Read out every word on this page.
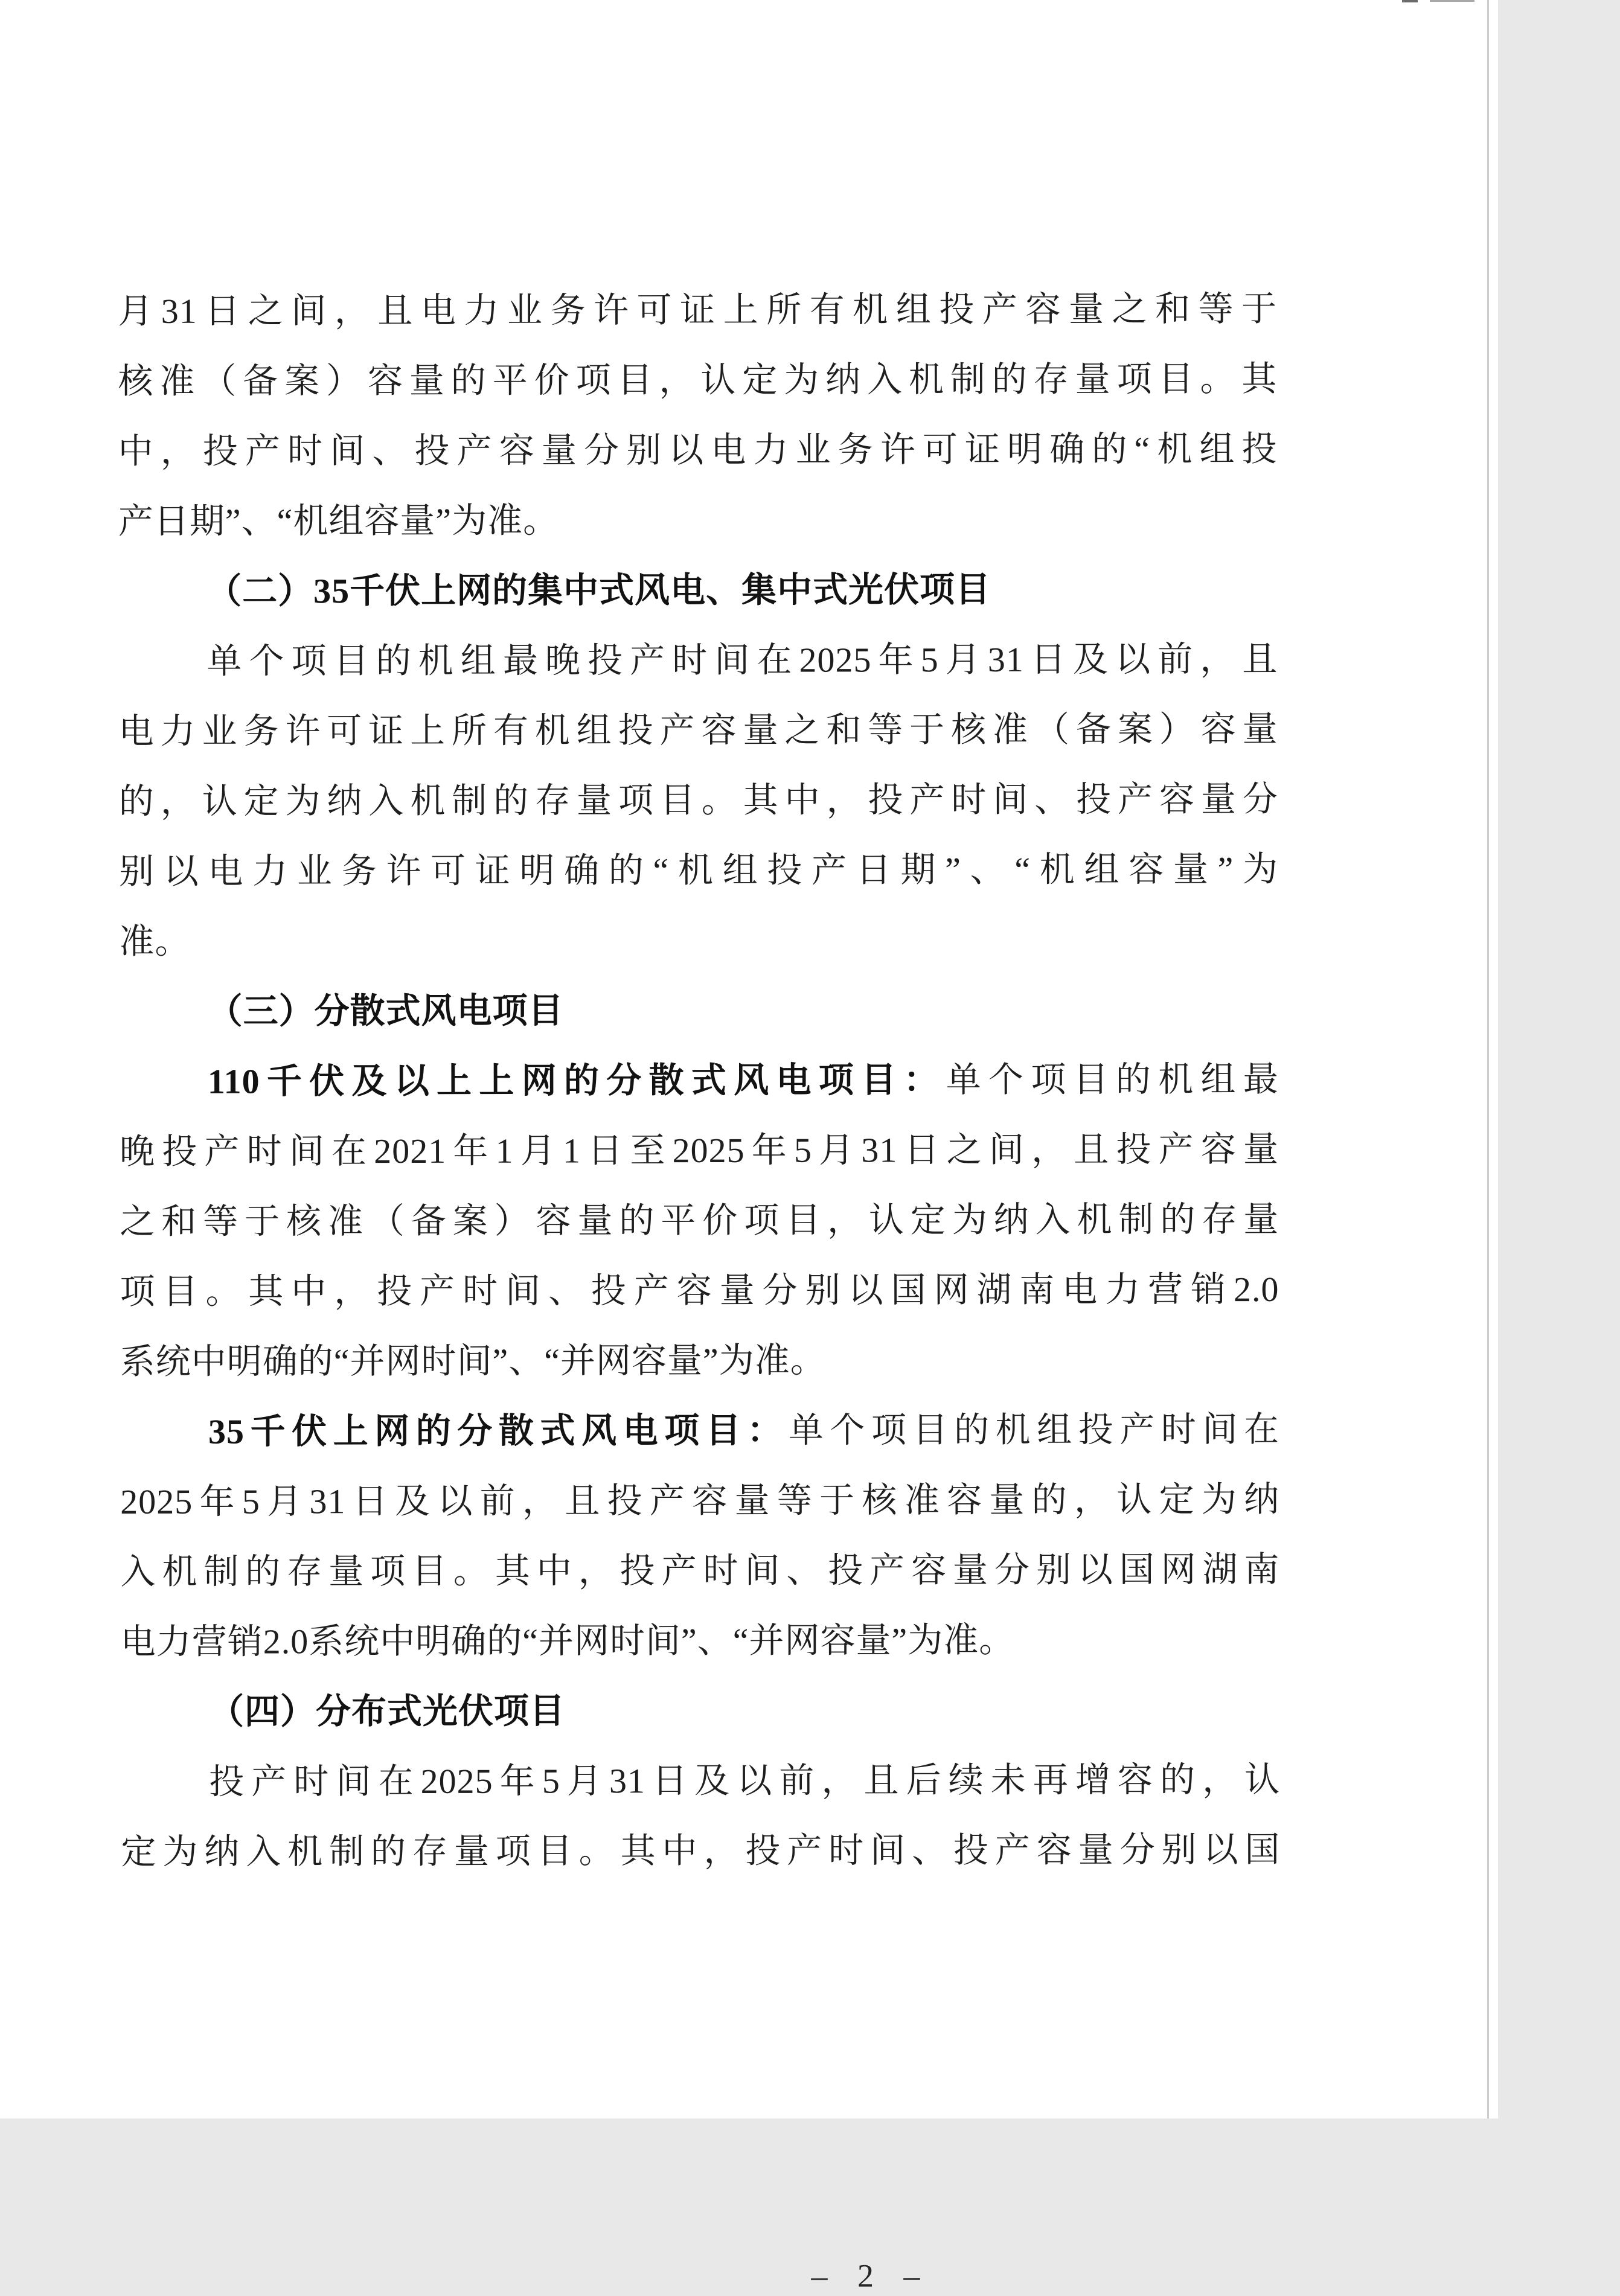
月31日之间，且电力业务许可证上所有机组投产容量之和等于
核准（备案）容量的平价项目，认定为纳入机制的存量项目。其
中，投产时间、投产容量分别以电力业务许可证明确的“机组投
产日期”、“机组容量”为准。
（二）35千伏上网的集中式风电、集中式光伏项目
单个项目的机组最晚投产时间在2025年5月31日及以前，且
电力业务许可证上所有机组投产容量之和等于核准（备案）容量
的，认定为纳入机制的存量项目。其中，投产时间、投产容量分
别以电力业务许可证明确的“机组投产日期”、“机组容量”为
准。
（三）分散式风电项目
110千伏及以上上网的分散式风电项目：单个项目的机组最
晚投产时间在2021年1月1日至2025年5月31日之间，且投产容量
之和等于核准（备案）容量的平价项目，认定为纳入机制的存量
项目。其中，投产时间、投产容量分别以国网湖南电力营销2.0
系统中明确的“并网时间”、“并网容量”为准。
35千伏上网的分散式风电项目：单个项目的机组投产时间在
2025年5月31日及以前，且投产容量等于核准容量的，认定为纳
入机制的存量项目。其中，投产时间、投产容量分别以国网湖南
电力营销2.0系统中明确的“并网时间”、“并网容量”为准。
（四）分布式光伏项目
投产时间在2025年5月31日及以前，且后续未再增容的，认
定为纳入机制的存量项目。其中，投产时间、投产容量分别以国
– 2 –
